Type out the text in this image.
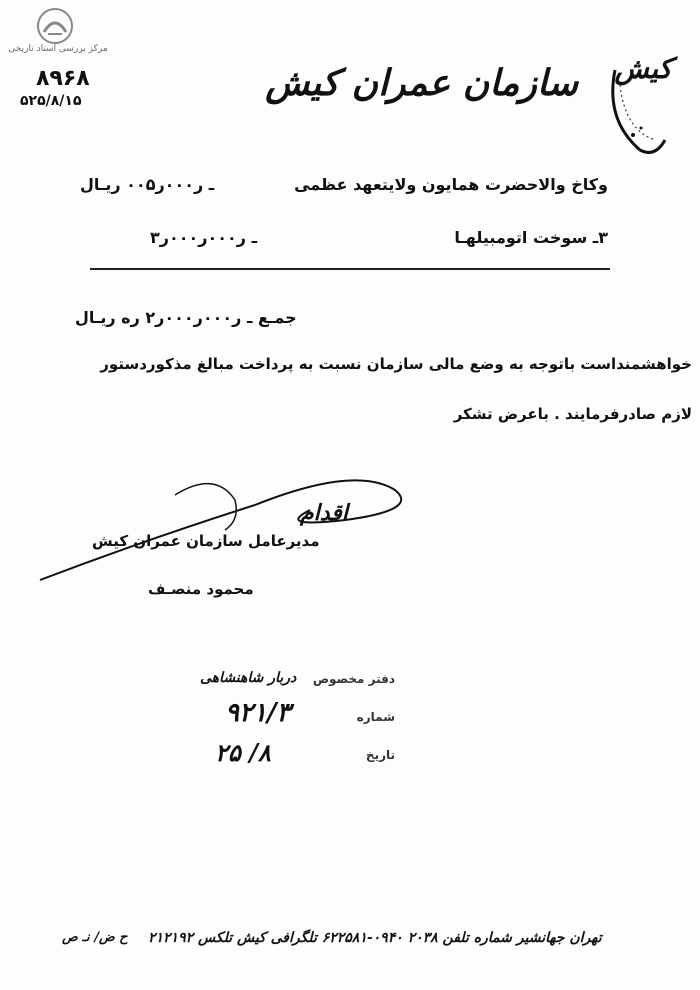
مرکز بررسی اسناد تاریخی
۸۹۶۸
۵۲۵/۸/۱۵	سازمان عمران کیش کیش
وکاخ والاحضرت همایون ولایتعهد عظمی
ـ ر۰۰۰ر۰۰۵ ریـال
۳ـ سوخت اتومبیلهـا
ـ ر۰۰۰ر۰۰۰ر۳
جمـع ـ ر۰۰۰ر۰۰۰ر۲ ره ریـال
خواهشمنداست باتوجه به وضع مالی سازمان نسبت به پرداخت مبالغ مذکوردستور
لازم صادرفرمایند . باعرض تشکر
اقدام
مدیرعامل سازمان عمران کیش
محمود منصـف
دفتر مخصوص
دربار شاهنشاهی
شماره
۹۲۱/۳
تاریخ
۲۵ /۸
تهران جهانشیر شماره تلفن ۲۰۳۸ ۰۹۴۰-۶۲۲۵۸۱ تلگرافی کیش تلکس ۲۱۲۱۹۲
ح ض/ نـ ص
